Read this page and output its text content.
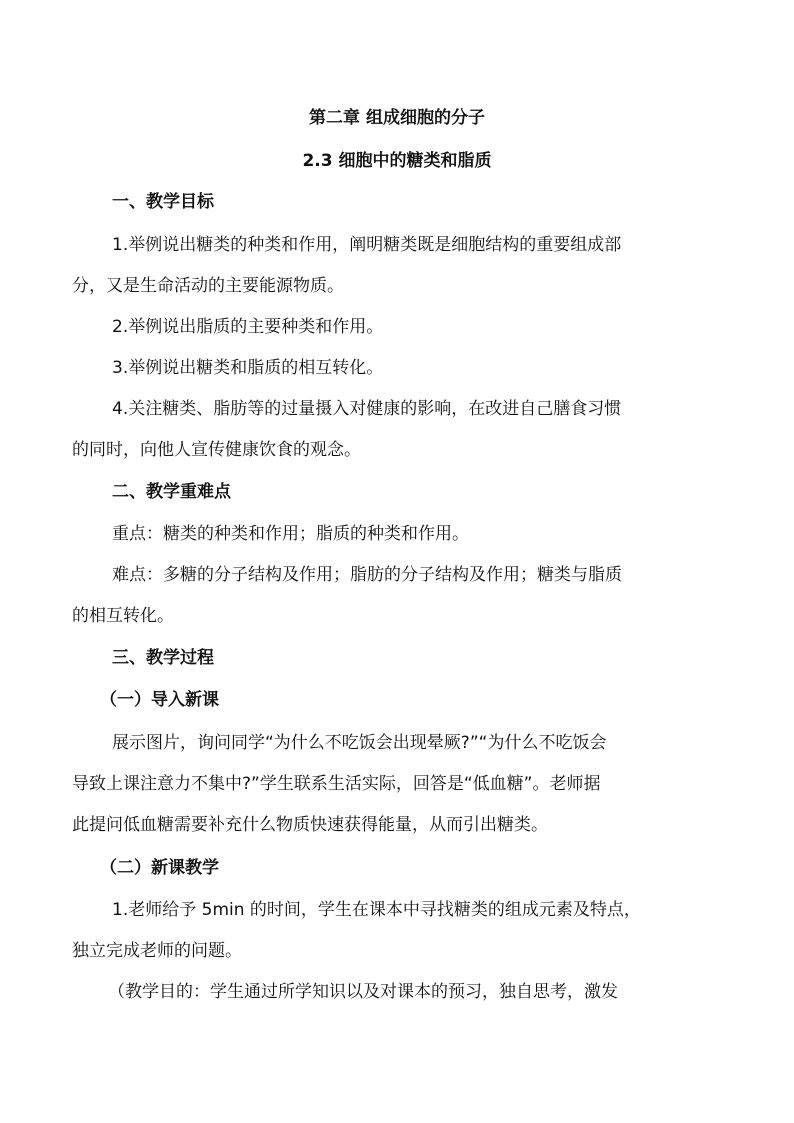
第二章 组成细胞的分子
2.3 细胞中的糖类和脂质
一、教学目标
1.举例说出糖类的种类和作用，阐明糖类既是细胞结构的重要组成部
分，又是生命活动的主要能源物质。
2.举例说出脂质的主要种类和作用。
3.举例说出糖类和脂质的相互转化。
4.关注糖类、脂肪等的过量摄入对健康的影响，在改进自己膳食习惯
的同时，向他人宣传健康饮食的观念。
二、教学重难点
重点：糖类的种类和作用；脂质的种类和作用。
难点：多糖的分子结构及作用；脂肪的分子结构及作用；糖类与脂质
的相互转化。
三、教学过程
（一）导入新课
展示图片，询问同学“为什么不吃饭会出现晕厥?”“为什么不吃饭会
导致上课注意力不集中?”学生联系生活实际，回答是“低血糖”。老师据
此提问低血糖需要补充什么物质快速获得能量，从而引出糖类。
（二）新课教学
1.老师给予 5min 的时间，学生在课本中寻找糖类的组成元素及特点，
独立完成老师的问题。
（教学目的：学生通过所学知识以及对课本的预习，独自思考，激发
